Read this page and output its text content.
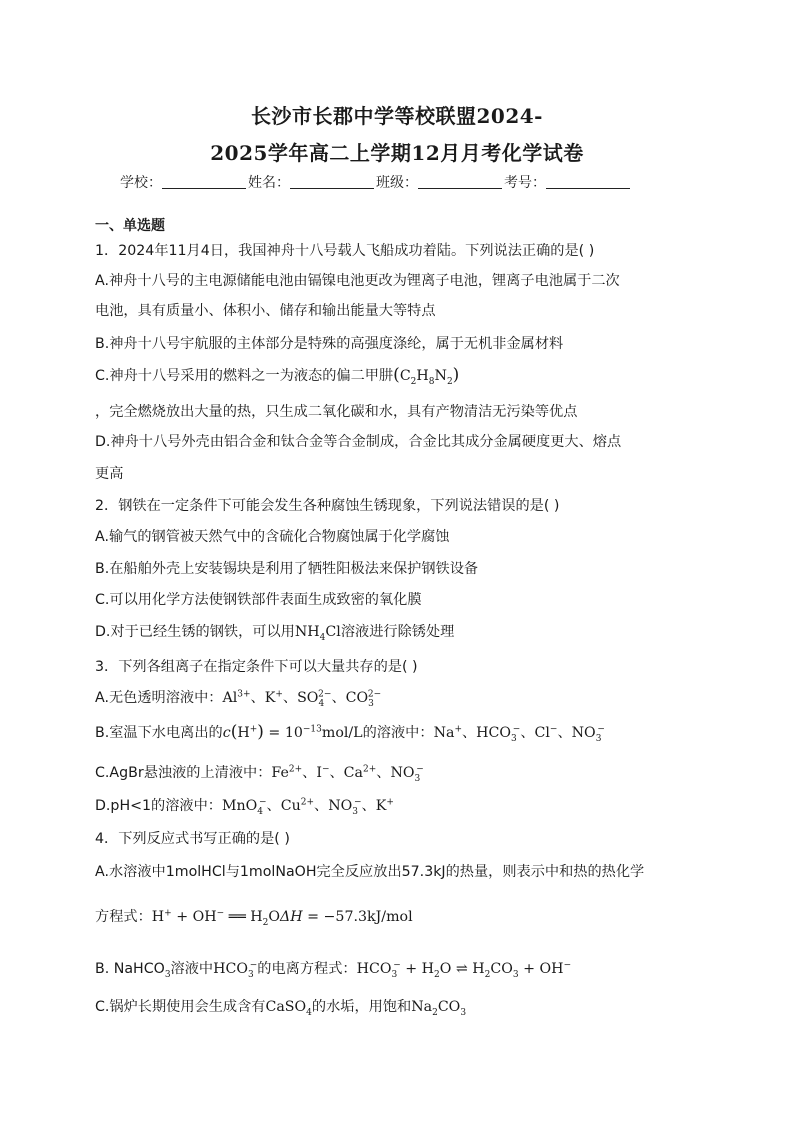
长沙市长郡中学等校联盟2024-
2025学年高二上学期12月月考化学试卷
学校：	姓名：	班级：	考号：
一、单选题
1．2024年11月4日，我国神舟十八号载人飞船成功着陆。下列说法正确的是( )
A.神舟十八号的主电源储能电池由镉镍电池更改为锂离子电池，锂离子电池属于二次
电池，具有质量小、体积小、储存和输出能量大等特点
B.神舟十八号宇航服的主体部分是特殊的高强度涤纶，属于无机非金属材料
C.神舟十八号采用的燃料之一为液态的偏二甲肼$(C_2H_8N_2)$
，完全燃烧放出大量的热，只生成二氧化碳和水，具有产物清洁无污染等优点
D.神舟十八号外壳由铝合金和钛合金等合金制成，合金比其成分金属硬度更大、熔点
更高
2．钢铁在一定条件下可能会发生各种腐蚀生锈现象，下列说法错误的是( )
A.输气的钢管被天然气中的含硫化合物腐蚀属于化学腐蚀
B.在船舶外壳上安装锡块是利用了牺牲阳极法来保护钢铁设备
C.可以用化学方法使钢铁部件表面生成致密的氧化膜
D.对于已经生锈的钢铁，可以用$NH_4Cl$溶液进行除锈处理
3．下列各组离子在指定条件下可以大量共存的是( )
A.无色透明溶液中：$Al^{3+}$、K+、$SO_4^{2-}$、$CO_3^{2-}$
B.室温下水电离出的$c(H^+) = 10^{-13}mol/L$的溶液中：Na+、$HCO_3^-$、Cl−、$NO_3^-$
C.AgBr悬浊液的上清液中：$Fe^{2+}$、I−、$Ca^{2+}$、$NO_3^-$
D.pH<1的溶液中：MnO$_4$−、$Cu^{2+}$、$NO_3^-$、K+
4．下列反应式书写正确的是( )
A.水溶液中1molHCl与1molNaOH完全反应放出57.3kJ的热量，则表示中和热的热化学
方程式：H+ + OH− ══ $H_2O\Delta H = -57.3kJ/mol$
B. NaHCO$_3$溶液中$HCO_3^-$的电离方程式：$HCO_3^- + H_2O$ ⇌ $H_2CO_3 + OH^-$
C.锅炉长期使用会生成含有CaSO$_4$的水垢，用饱和$Na_2CO_3$
